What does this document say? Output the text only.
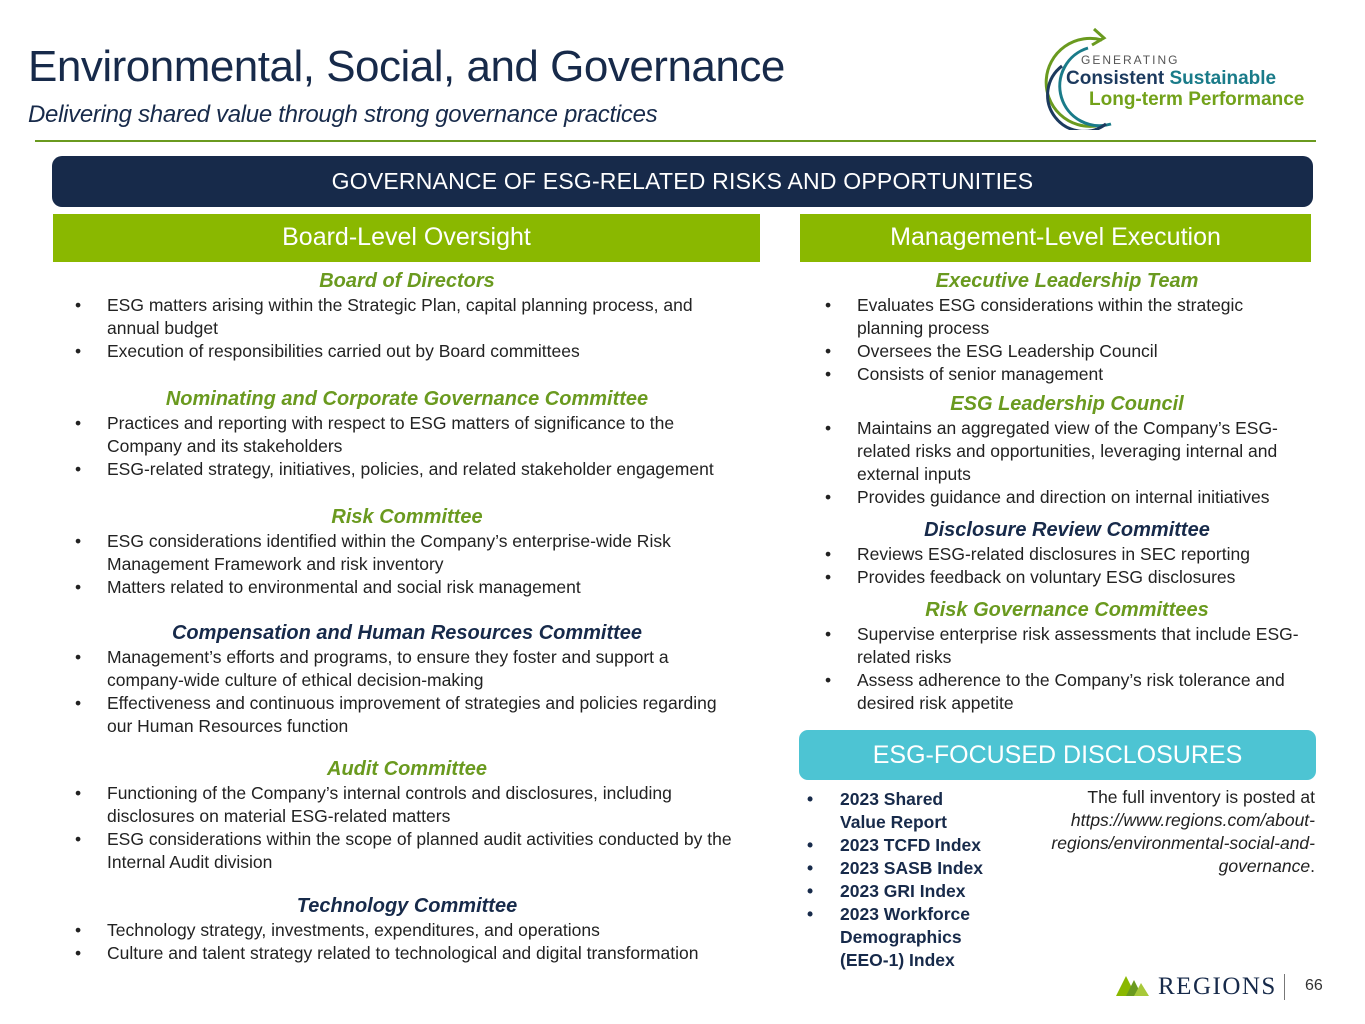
Environmental, Social, and Governance
Delivering shared value through strong governance practices
GENERATING
Consistent Sustainable
Long-term Performance
GOVERNANCE OF ESG-RELATED RISKS AND OPPORTUNITIES
Board-Level Oversight	Management-Level Execution
Board of Directors
• ESG matters arising within the Strategic Plan, capital planning process, and annual budget
• Execution of responsibilities carried out by Board committees
Nominating and Corporate Governance Committee
• Practices and reporting with respect to ESG matters of significance to the Company and its stakeholders
• ESG-related strategy, initiatives, policies, and related stakeholder engagement
Risk Committee
• ESG considerations identified within the Company’s enterprise-wide Risk Management Framework and risk inventory
• Matters related to environmental and social risk management
Compensation and Human Resources Committee
• Management’s efforts and programs, to ensure they foster and support a company-wide culture of ethical decision-making
• Effectiveness and continuous improvement of strategies and policies regarding our Human Resources function
Audit Committee
• Functioning of the Company’s internal controls and disclosures, including disclosures on material ESG-related matters
• ESG considerations within the scope of planned audit activities conducted by the Internal Audit division
Technology Committee
• Technology strategy, investments, expenditures, and operations
• Culture and talent strategy related to technological and digital transformation
Executive Leadership Team
• Evaluates ESG considerations within the strategic planning process
• Oversees the ESG Leadership Council
• Consists of senior management
ESG Leadership Council
• Maintains an aggregated view of the Company’s ESG-related risks and opportunities, leveraging internal and external inputs
• Provides guidance and direction on internal initiatives
Disclosure Review Committee
• Reviews ESG-related disclosures in SEC reporting
• Provides feedback on voluntary ESG disclosures
Risk Governance Committees
• Supervise enterprise risk assessments that include ESG-related risks
• Assess adherence to the Company’s risk tolerance and desired risk appetite
ESG-FOCUSED DISCLOSURES
• 2023 Shared Value Report
• 2023 TCFD Index
• 2023 SASB Index
• 2023 GRI Index
• 2023 Workforce Demographics (EEO-1) Index
The full inventory is posted at
https://www.regions.com/about-regions/environmental-social-and-governance.
REGIONS 66
